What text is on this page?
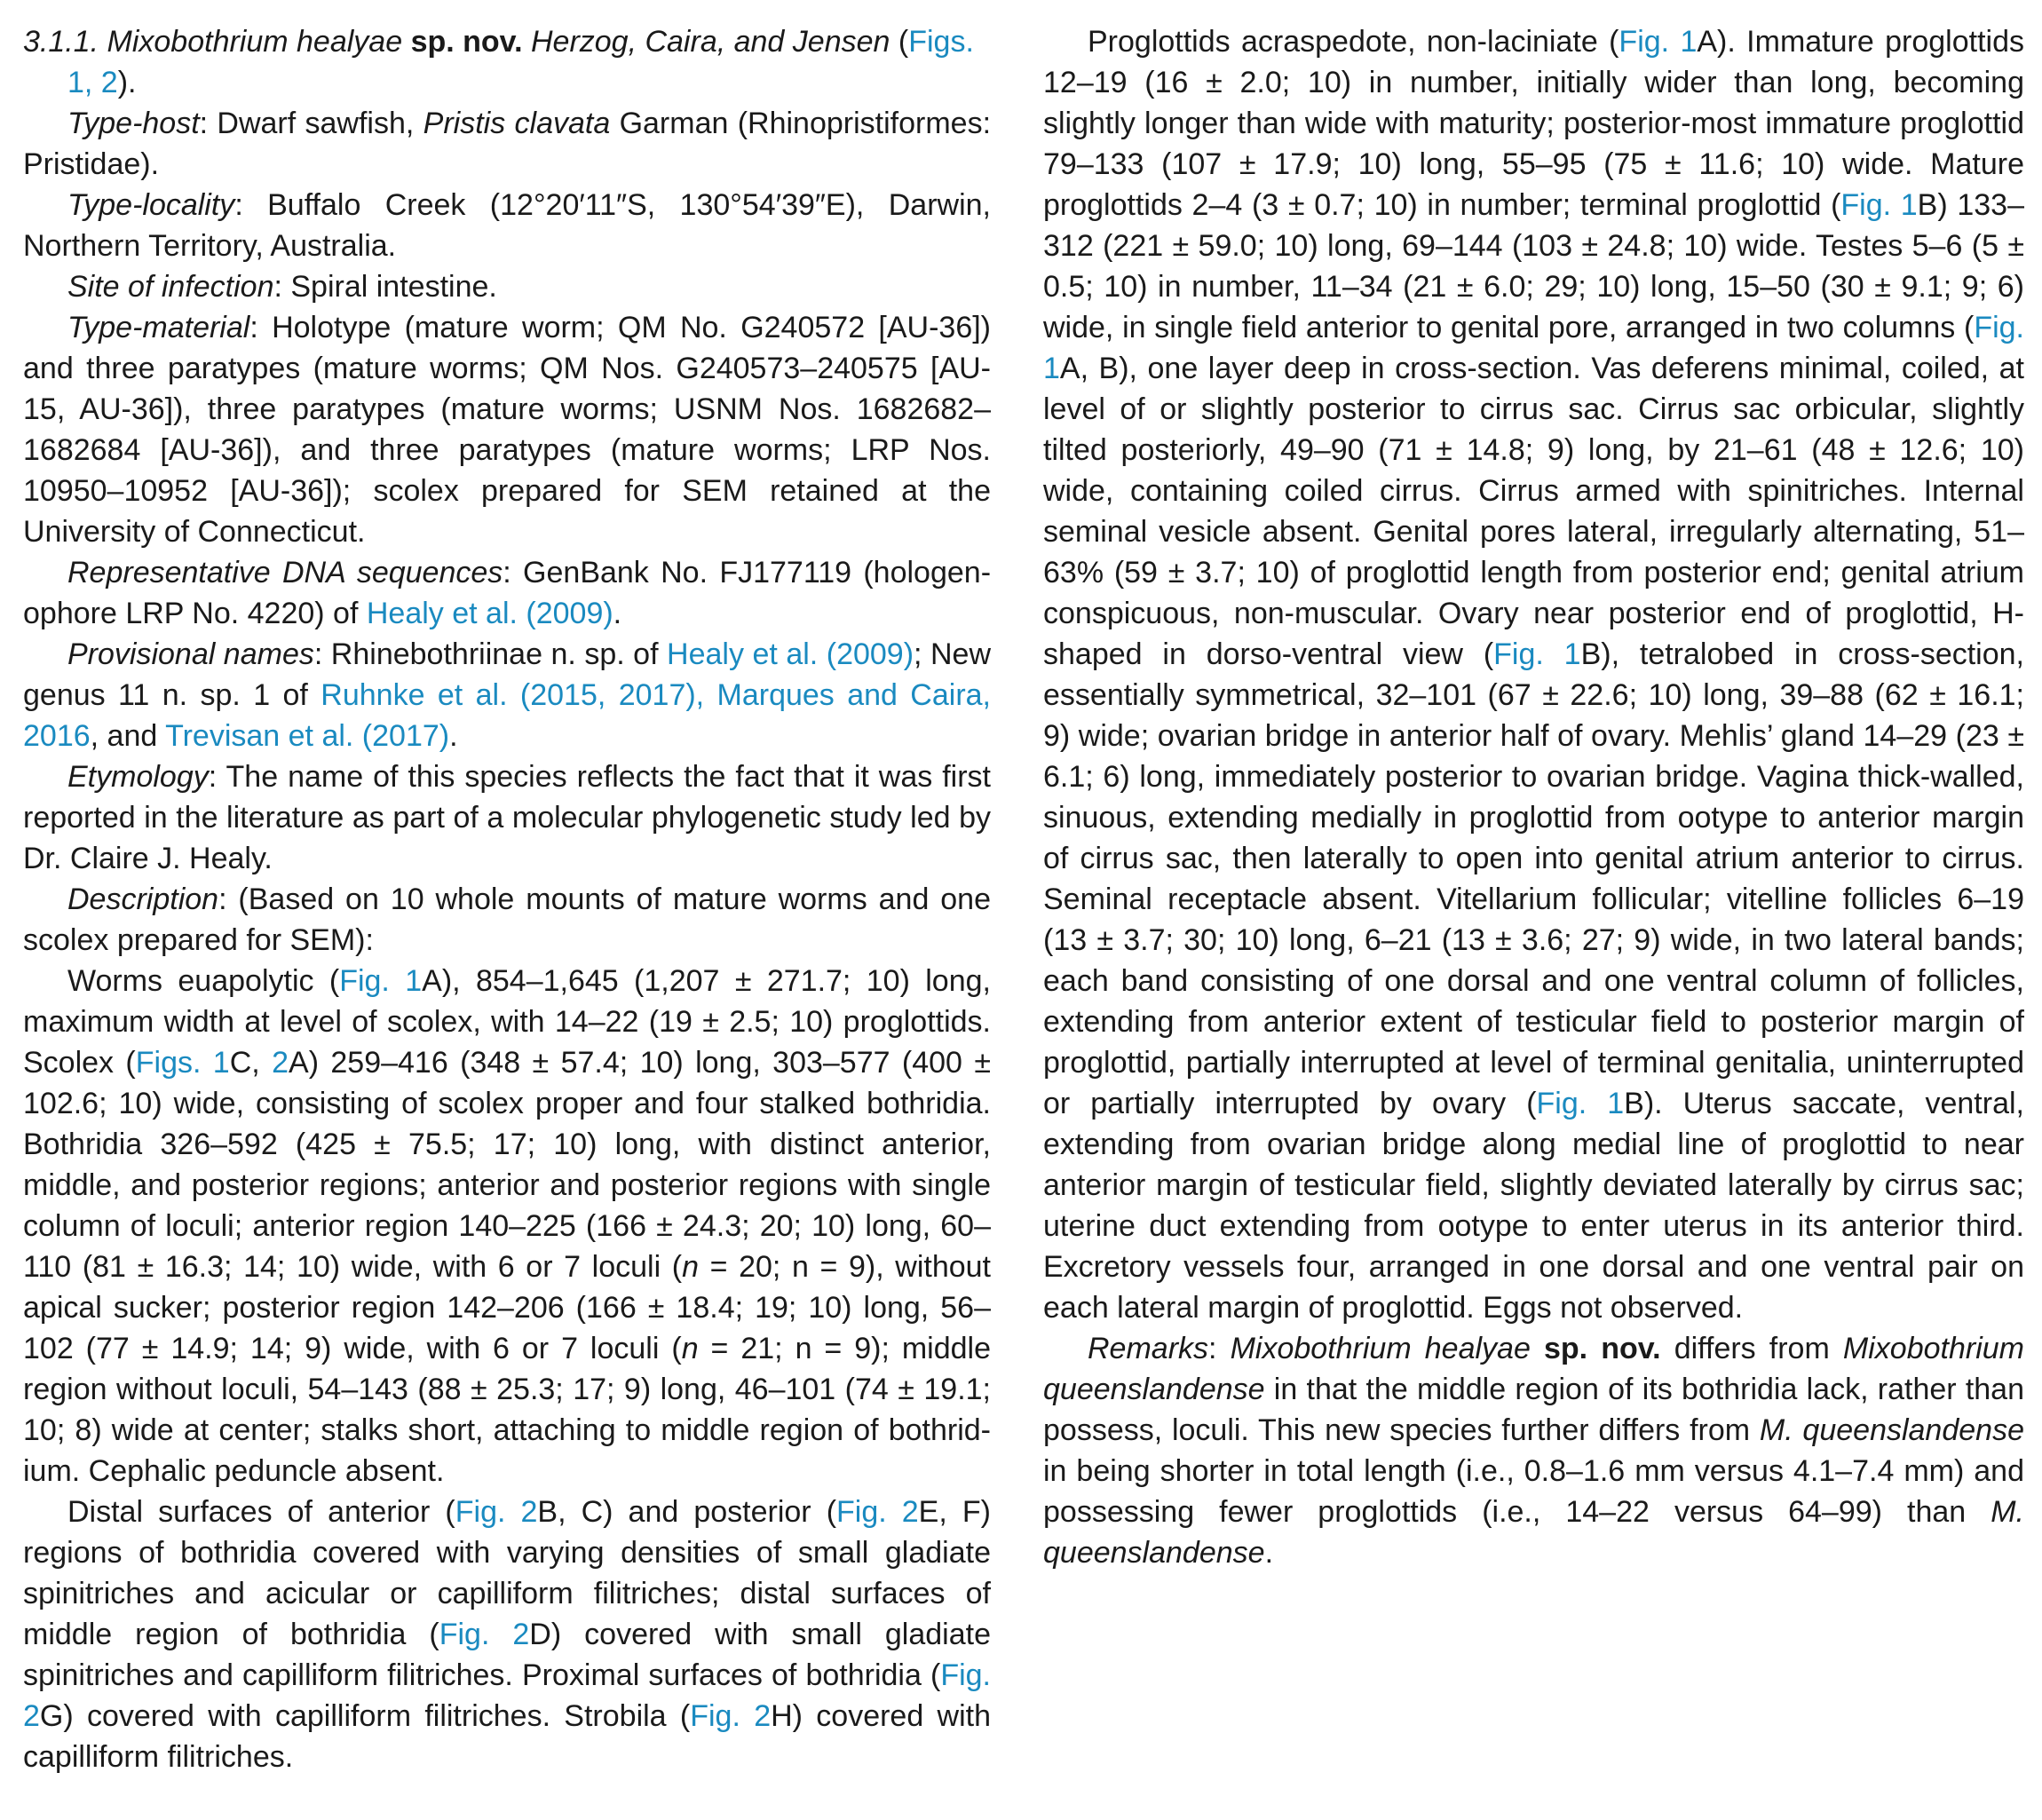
3.1.1. Mixobothrium healyae sp. nov. Herzog, Caira, and Jensen (Figs. 1, 2).

Type-host: Dwarf sawfish, Pristis clavata Garman (Rhinopristiformes: Pristidae).

Type-locality: Buffalo Creek (12°20′11″S, 130°54′39″E), Darwin, Northern Territory, Australia.

Site of infection: Spiral intestine.

Type-material: Holotype (mature worm; QM No. G240572 [AU-36]) and three paratypes (mature worms; QM Nos. G240573–240575 [AU-15, AU-36]), three paratypes (mature worms; USNM Nos. 1682682–1682684 [AU-36]), and three paratypes (mature worms; LRP Nos. 10950–10952 [AU-36]); scolex prepared for SEM retained at the University of Connecticut.

Representative DNA sequences: GenBank No. FJ177119 (hologenophore LRP No. 4220) of Healy et al. (2009).

Provisional names: Rhinebothriinae n. sp. of Healy et al. (2009); New genus 11 n. sp. 1 of Ruhnke et al. (2015, 2017), Marques and Caira, 2016, and Trevisan et al. (2017).

Etymology: The name of this species reflects the fact that it was first reported in the literature as part of a molecular phylogenetic study led by Dr. Claire J. Healy.

Description: (Based on 10 whole mounts of mature worms and one scolex prepared for SEM):

Worms euapolytic (Fig. 1A), 854–1,645 (1,207 ± 271.7; 10) long, maximum width at level of scolex, with 14–22 (19 ± 2.5; 10) proglottids. Scolex (Figs. 1C, 2A) 259–416 (348 ± 57.4; 10) long, 303–577 (400 ± 102.6; 10) wide, consisting of scolex proper and four stalked bothridia. Bothridia 326–592 (425 ± 75.5; 17; 10) long, with distinct anterior, middle, and posterior regions; anterior and posterior regions with single column of loculi; anterior region 140–225 (166 ± 24.3; 20; 10) long, 60–110 (81 ± 16.3; 14; 10) wide, with 6 or 7 loculi (n = 20; n = 9), without apical sucker; posterior region 142–206 (166 ± 18.4; 19; 10) long, 56–102 (77 ± 14.9; 14; 9) wide, with 6 or 7 loculi (n = 21; n = 9); middle region without loculi, 54–143 (88 ± 25.3; 17; 9) long, 46–101 (74 ± 19.1; 10; 8) wide at center; stalks short, attaching to middle region of bothridium. Cephalic peduncle absent.

Distal surfaces of anterior (Fig. 2B, C) and posterior (Fig. 2E, F) regions of bothridia covered with varying densities of small gladiate spinitriches and acicular or capilliform filitriches; distal surfaces of middle region of bothridia (Fig. 2D) covered with small gladiate spinitriches and capilliform filitriches. Proximal surfaces of bothridia (Fig. 2G) covered with capilliform filitriches. Strobila (Fig. 2H) covered with capilliform filitriches.

Proglottids acraspedote, non-laciniate (Fig. 1A). Immature proglottids 12–19 (16 ± 2.0; 10) in number, initially wider than long, becoming slightly longer than wide with maturity; posterior-most immature proglottid 79–133 (107 ± 17.9; 10) long, 55–95 (75 ± 11.6; 10) wide. Mature proglottids 2–4 (3 ± 0.7; 10) in number; terminal proglottid (Fig. 1B) 133–312 (221 ± 59.0; 10) long, 69–144 (103 ± 24.8; 10) wide. Testes 5–6 (5 ± 0.5; 10) in number, 11–34 (21 ± 6.0; 29; 10) long, 15–50 (30 ± 9.1; 9; 6) wide, in single field anterior to genital pore, arranged in two columns (Fig. 1A, B), one layer deep in cross-section. Vas deferens minimal, coiled, at level of or slightly posterior to cirrus sac. Cirrus sac orbicular, slightly tilted posteriorly, 49–90 (71 ± 14.8; 9) long, by 21–61 (48 ± 12.6; 10) wide, containing coiled cirrus. Cirrus armed with spinitriches. Internal seminal vesicle absent. Genital pores lateral, irregularly alternating, 51–63% (59 ± 3.7; 10) of proglottid length from posterior end; genital atrium conspicuous, non-muscular. Ovary near posterior end of proglottid, H-shaped in dorso-ventral view (Fig. 1B), tetralobed in cross-section, essentially symmetrical, 32–101 (67 ± 22.6; 10) long, 39–88 (62 ± 16.1; 9) wide; ovarian bridge in anterior half of ovary. Mehlis’ gland 14–29 (23 ± 6.1; 6) long, immediately posterior to ovarian bridge. Vagina thick-walled, sinuous, extending medially in proglottid from ootype to anterior margin of cirrus sac, then laterally to open into genital atrium anterior to cirrus. Seminal receptacle absent. Vitellarium follicular; vitelline follicles 6–19 (13 ± 3.7; 30; 10) long, 6–21 (13 ± 3.6; 27; 9) wide, in two lateral bands; each band consisting of one dorsal and one ventral column of follicles, extending from anterior extent of testicular field to posterior margin of proglottid, partially interrupted at level of terminal genitalia, uninterrupted or partially interrupted by ovary (Fig. 1B). Uterus saccate, ventral, extending from ovarian bridge along medial line of proglottid to near anterior margin of testicular field, slightly deviated laterally by cirrus sac; uterine duct extending from ootype to enter uterus in its anterior third. Excretory vessels four, arranged in one dorsal and one ventral pair on each lateral margin of proglottid. Eggs not observed.

Remarks: Mixobothrium healyae sp. nov. differs from Mixobothrium queenslandense in that the middle region of its bothridia lack, rather than possess, loculi. This new species further differs from M. queenslandense in being shorter in total length (i.e., 0.8–1.6 mm versus 4.1–7.4 mm) and possessing fewer proglottids (i.e., 14–22 versus 64–99) than M. queenslandense.
